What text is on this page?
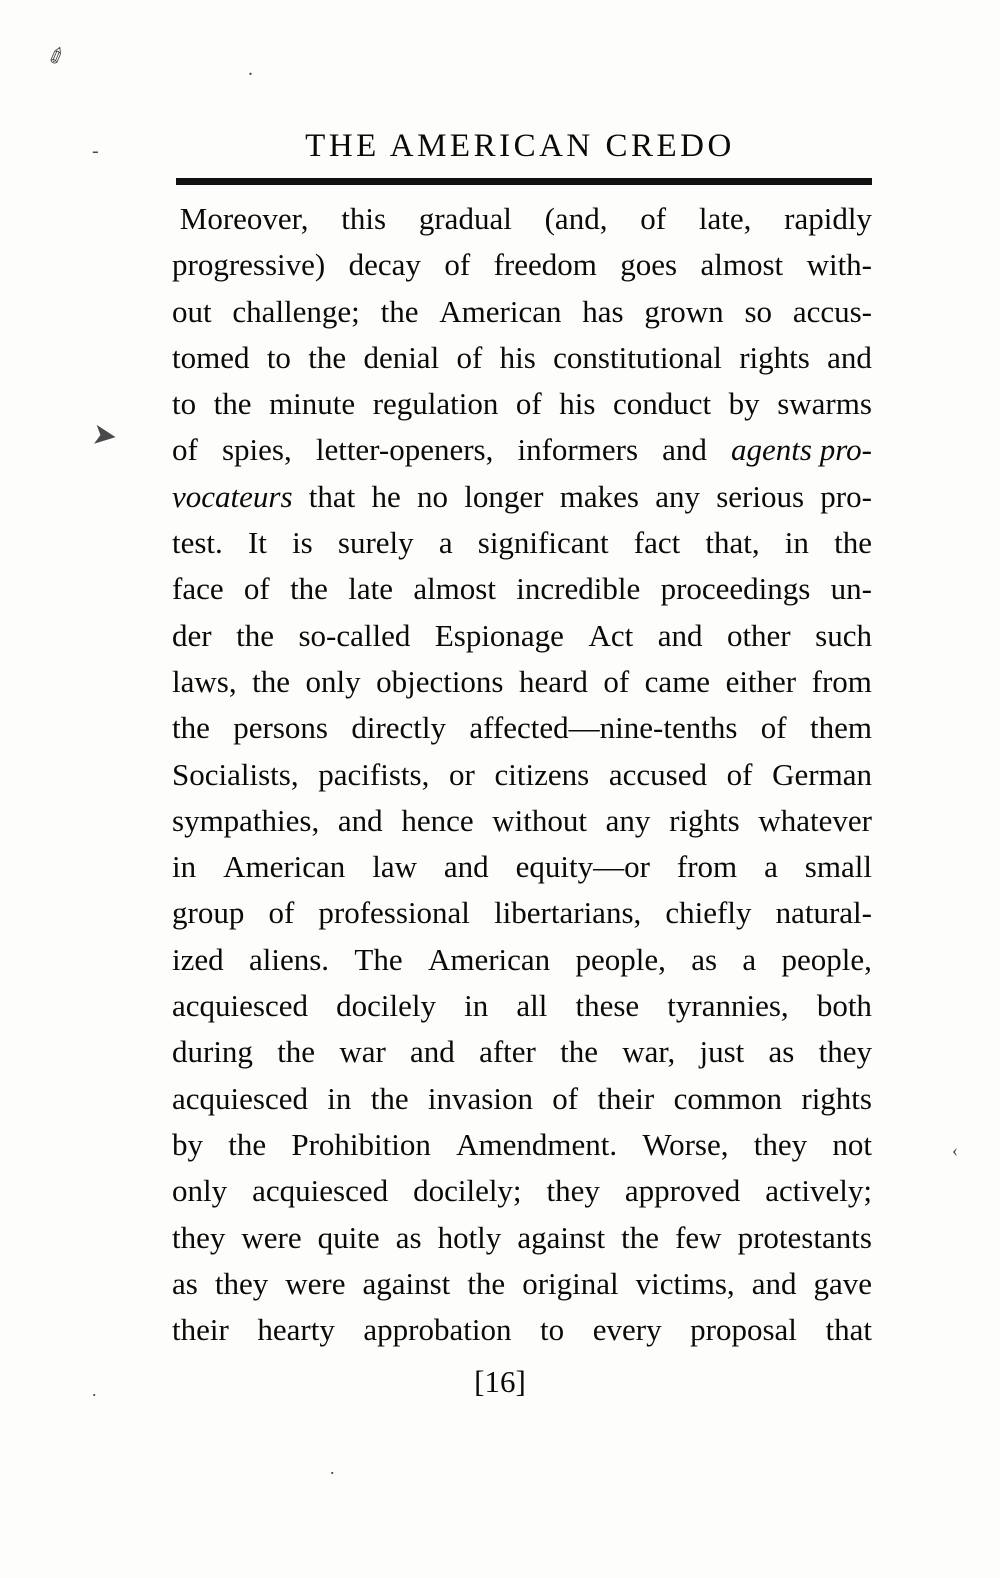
✐	.
-
➤
‹
.
.
THE AMERICAN CREDO

Moreover, this gradual (and, of late, rapidly
progressive) decay of freedom goes almost with-
out challenge; the American has grown so accus-
tomed to the denial of his constitutional rights and
to the minute regulation of his conduct by swarms
of spies, letter-openers, informers and agents pro-
vocateurs that he no longer makes any serious pro-
test. It is surely a significant fact that, in the
face of the late almost incredible proceedings un-
der the so-called Espionage Act and other such
laws, the only objections heard of came either from
the persons directly affected—nine-tenths of them
Socialists, pacifists, or citizens accused of German
sympathies, and hence without any rights whatever
in American law and equity—or from a small
group of professional libertarians, chiefly natural-
ized aliens. The American people, as a people,
acquiesced docilely in all these tyrannies, both
during the war and after the war, just as they
acquiesced in the invasion of their common rights
by the Prohibition Amendment. Worse, they not
only acquiesced docilely; they approved actively;
they were quite as hotly against the few protestants
as they were against the original victims, and gave
their hearty approbation to every proposal that

[16]
